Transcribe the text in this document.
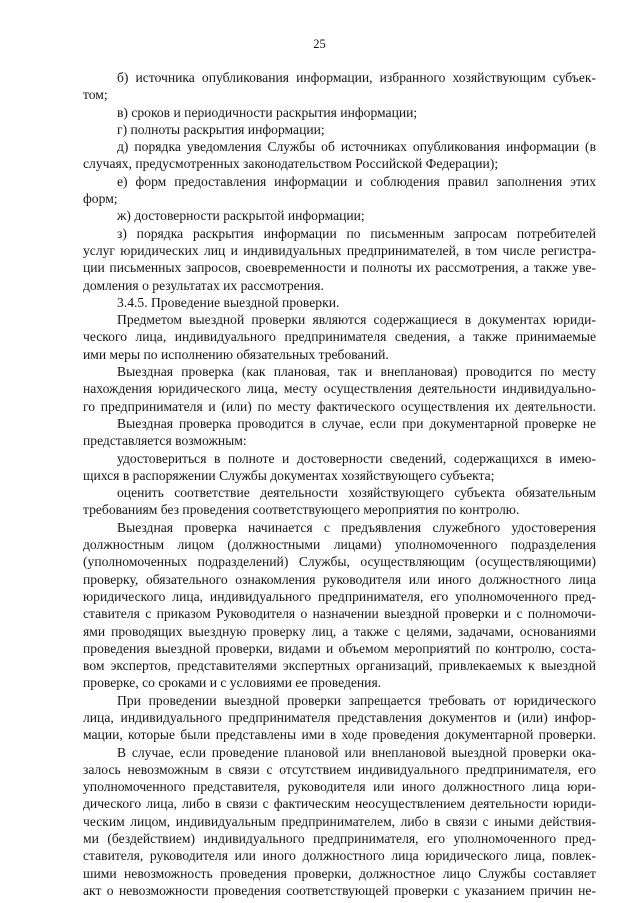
25
б) источника опубликования информации, избранного хозяйствующим субъек-
том;
в) сроков и периодичности раскрытия информации;
г) полноты раскрытия информации;
д) порядка уведомления Службы об источниках опубликования информации (в
случаях, предусмотренных законодательством Российской Федерации);
е) форм предоставления информации и соблюдения правил заполнения этих
форм;
ж) достоверности раскрытой информации;
з) порядка раскрытия информации по письменным запросам потребителей
услуг юридических лиц и индивидуальных предпринимателей, в том числе регистра-
ции письменных запросов, своевременности и полноты их рассмотрения, а также уве-
домления о результатах их рассмотрения.
3.4.5. Проведение выездной проверки.
Предметом выездной проверки являются содержащиеся в документах юриди-
ческого лица, индивидуального предпринимателя сведения, а также принимаемые
ими меры по исполнению обязательных требований.
Выездная проверка (как плановая, так и внеплановая) проводится по месту
нахождения юридического лица, месту осуществления деятельности индивидуально-
го предпринимателя и (или) по месту фактического осуществления их деятельности.
Выездная проверка проводится в случае, если при документарной проверке не
представляется возможным:
удостовериться в полноте и достоверности сведений, содержащихся в имею-
щихся в распоряжении Службы документах хозяйствующего субъекта;
оценить соответствие деятельности хозяйствующего субъекта обязательным
требованиям без проведения соответствующего мероприятия по контролю.
Выездная проверка начинается с предъявления служебного удостоверения
должностным лицом (должностными лицами) уполномоченного подразделения
(уполномоченных подразделений) Службы, осуществляющим (осуществляющими)
проверку, обязательного ознакомления руководителя или иного должностного лица
юридического лица, индивидуального предпринимателя, его уполномоченного пред-
ставителя с приказом Руководителя о назначении выездной проверки и с полномочи-
ями проводящих выездную проверку лиц, а также с целями, задачами, основаниями
проведения выездной проверки, видами и объемом мероприятий по контролю, соста-
вом экспертов, представителями экспертных организаций, привлекаемых к выездной
проверке, со сроками и с условиями ее проведения.
При проведении выездной проверки запрещается требовать от юридического
лица, индивидуального предпринимателя представления документов и (или) инфор-
мации, которые были представлены ими в ходе проведения документарной проверки.
В случае, если проведение плановой или внеплановой выездной проверки ока-
залось невозможным в связи с отсутствием индивидуального предпринимателя, его
уполномоченного представителя, руководителя или иного должностного лица юри-
дического лица, либо в связи с фактическим неосуществлением деятельности юриди-
ческим лицом, индивидуальным предпринимателем, либо в связи с иными действия-
ми (бездействием) индивидуального предпринимателя, его уполномоченного пред-
ставителя, руководителя или иного должностного лица юридического лица, повлек-
шими невозможность проведения проверки, должностное лицо Службы составляет
акт о невозможности проведения соответствующей проверки с указанием причин не-
